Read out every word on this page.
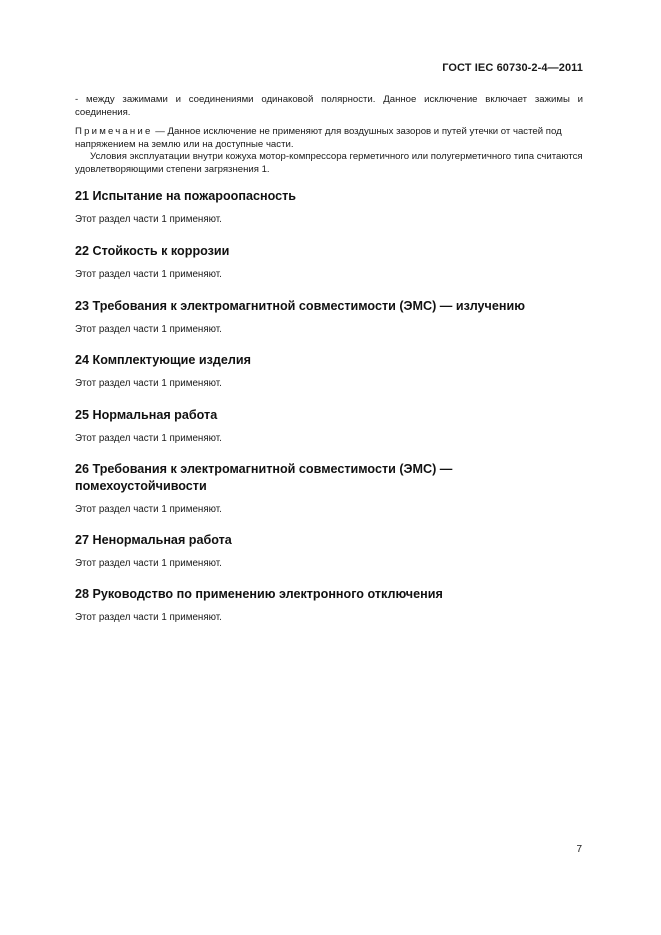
ГОСТ IEC 60730-2-4—2011
- между зажимами и соединениями одинаковой полярности. Данное исключение включает зажимы и соединения.
Примечание — Данное исключение не применяют для воздушных зазоров и путей утечки от частей под напряжением на землю или на доступные части.
Условия эксплуатации внутри кожуха мотор-компрессора герметичного или полугерметичного типа считаются удовлетворяющими степени загрязнения 1.
21 Испытание на пожароопасность

Этот раздел части 1 применяют.

22 Стойкость к коррозии

Этот раздел части 1 применяют.

23 Требования к электромагнитной совместимости (ЭМС) — излучению

Этот раздел части 1 применяют.

24 Комплектующие изделия

Этот раздел части 1 применяют.

25 Нормальная работа

Этот раздел части 1 применяют.

26 Требования к электромагнитной совместимости (ЭМС) — помехоустойчивости

Этот раздел части 1 применяют.

27 Ненормальная работа

Этот раздел части 1 применяют.

28 Руководство по применению электронного отключения

Этот раздел части 1 применяют.

7
